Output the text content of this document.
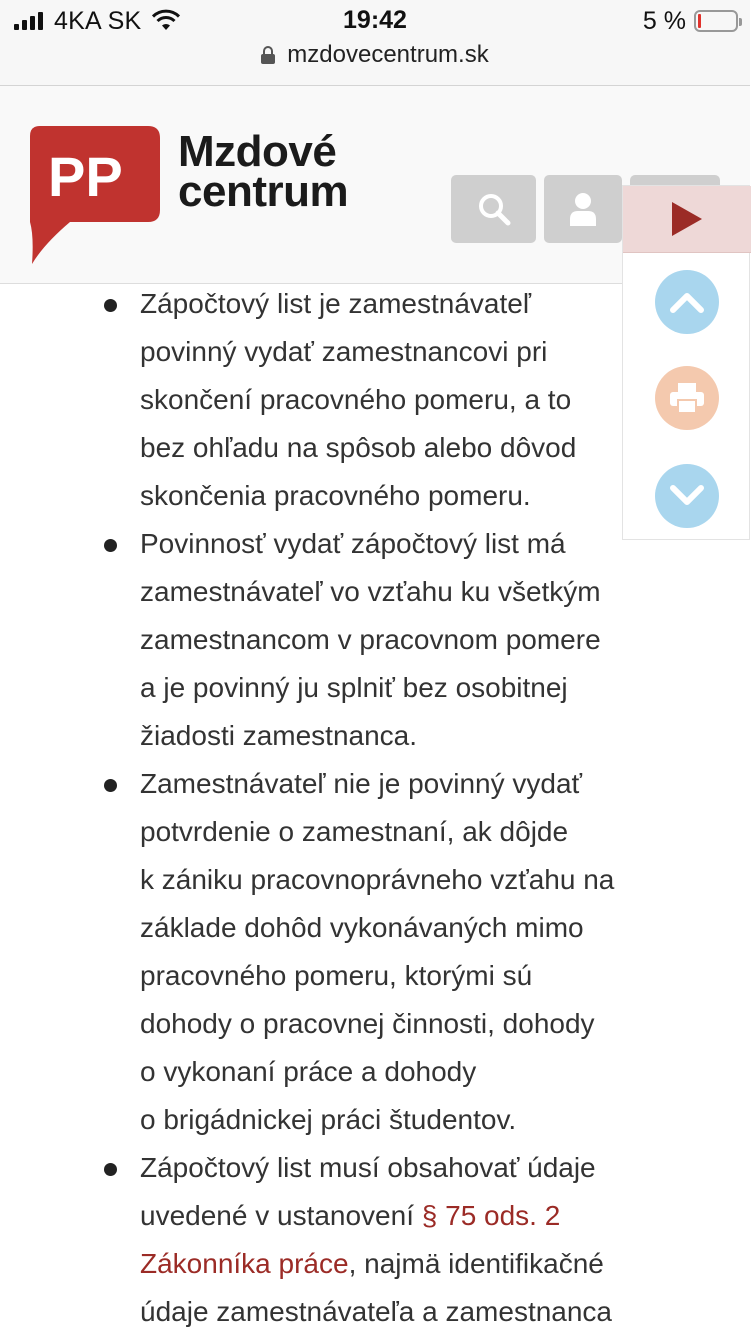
4KA SK	19:42	5 %
mzdovecentrum.sk
PP Mzdové
centrum
Zápočtový list je zamestnávateľ
povinný vydať zamestnancovi pri
skončení pracovného pomeru, a to
bez ohľadu na spôsob alebo dôvod
skončenia pracovného pomeru.
Povinnosť vydať zápočtový list má
zamestnávateľ vo vzťahu ku všetkým
zamestnancom v pracovnom pomere
a je povinný ju splniť bez osobitnej
žiadosti zamestnanca.
Zamestnávateľ nie je povinný vydať
potvrdenie o zamestnaní, ak dôjde
k zániku pracovnoprávneho vzťahu na
základe dohôd vykonávaných mimo
pracovného pomeru, ktorými sú
dohody o pracovnej činnosti, dohody
o vykonaní práce a dohody
o brigádnickej práci študentov.
Zápočtový list musí obsahovať údaje
uvedené v ustanovení § 75 ods. 2
Zákonníka práce, najmä identifikačné
údaje zamestnávateľa a zamestnanca
